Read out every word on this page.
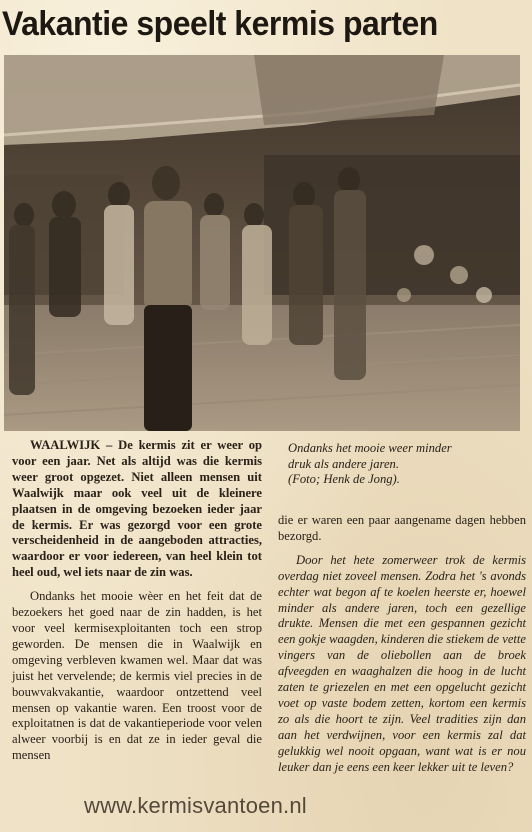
Vakantie speelt kermis parten
Ondanks het mooie weer minder
druk als andere jaren.
(Foto; Henk de Jong).

WAALWIJK – De kermis zit er weer op voor een jaar. Net als altijd was die kermis weer groot opgezet. Niet alleen mensen uit Waalwijk maar ook veel uit de kleinere plaatsen in de omgeving bezoeken ieder jaar de kermis. Er was gezorgd voor een grote verscheidenheid in de aangeboden attracties, waardoor er voor iedereen, van heel klein tot heel oud, wel iets naar de zin was.

Ondanks het mooie wèer en het feit dat de bezoekers het goed naar de zin hadden, is het voor veel kermisexploitanten toch een strop geworden. De mensen die in Waalwijk en omgeving verbleven kwamen wel. Maar dat was juist het vervelende; de kermis viel precies in de bouwvakvakantie, waardoor ontzettend veel mensen op vakantie waren. Een troost voor de exploitatnen is dat de vakantieperiode voor velen alweer voorbij is en dat ze in ieder geval die mensen

die er waren een paar aangename dagen hebben bezorgd.

Door het hete zomerweer trok de kermis overdag niet zoveel mensen. Zodra het 's avonds echter wat begon af te koelen heerste er, hoewel minder als andere jaren, toch een gezellige drukte. Mensen die met een gespannen gezicht een gokje waagden, kinderen die stiekem de vette vingers van de oliebollen aan de broek afveegden en waaghalzen die hoog in de lucht zaten te griezelen en met een opgelucht gezicht voet op vaste bodem zetten, kortom een kermis zo als die hoort te zijn. Veel tradities zijn dan aan het verdwijnen, voor een kermis zal dat gelukkig wel nooit opgaan, want wat is er nou leuker dan je eens een keer lekker uit te leven?

www.kermisvantoen.nl
